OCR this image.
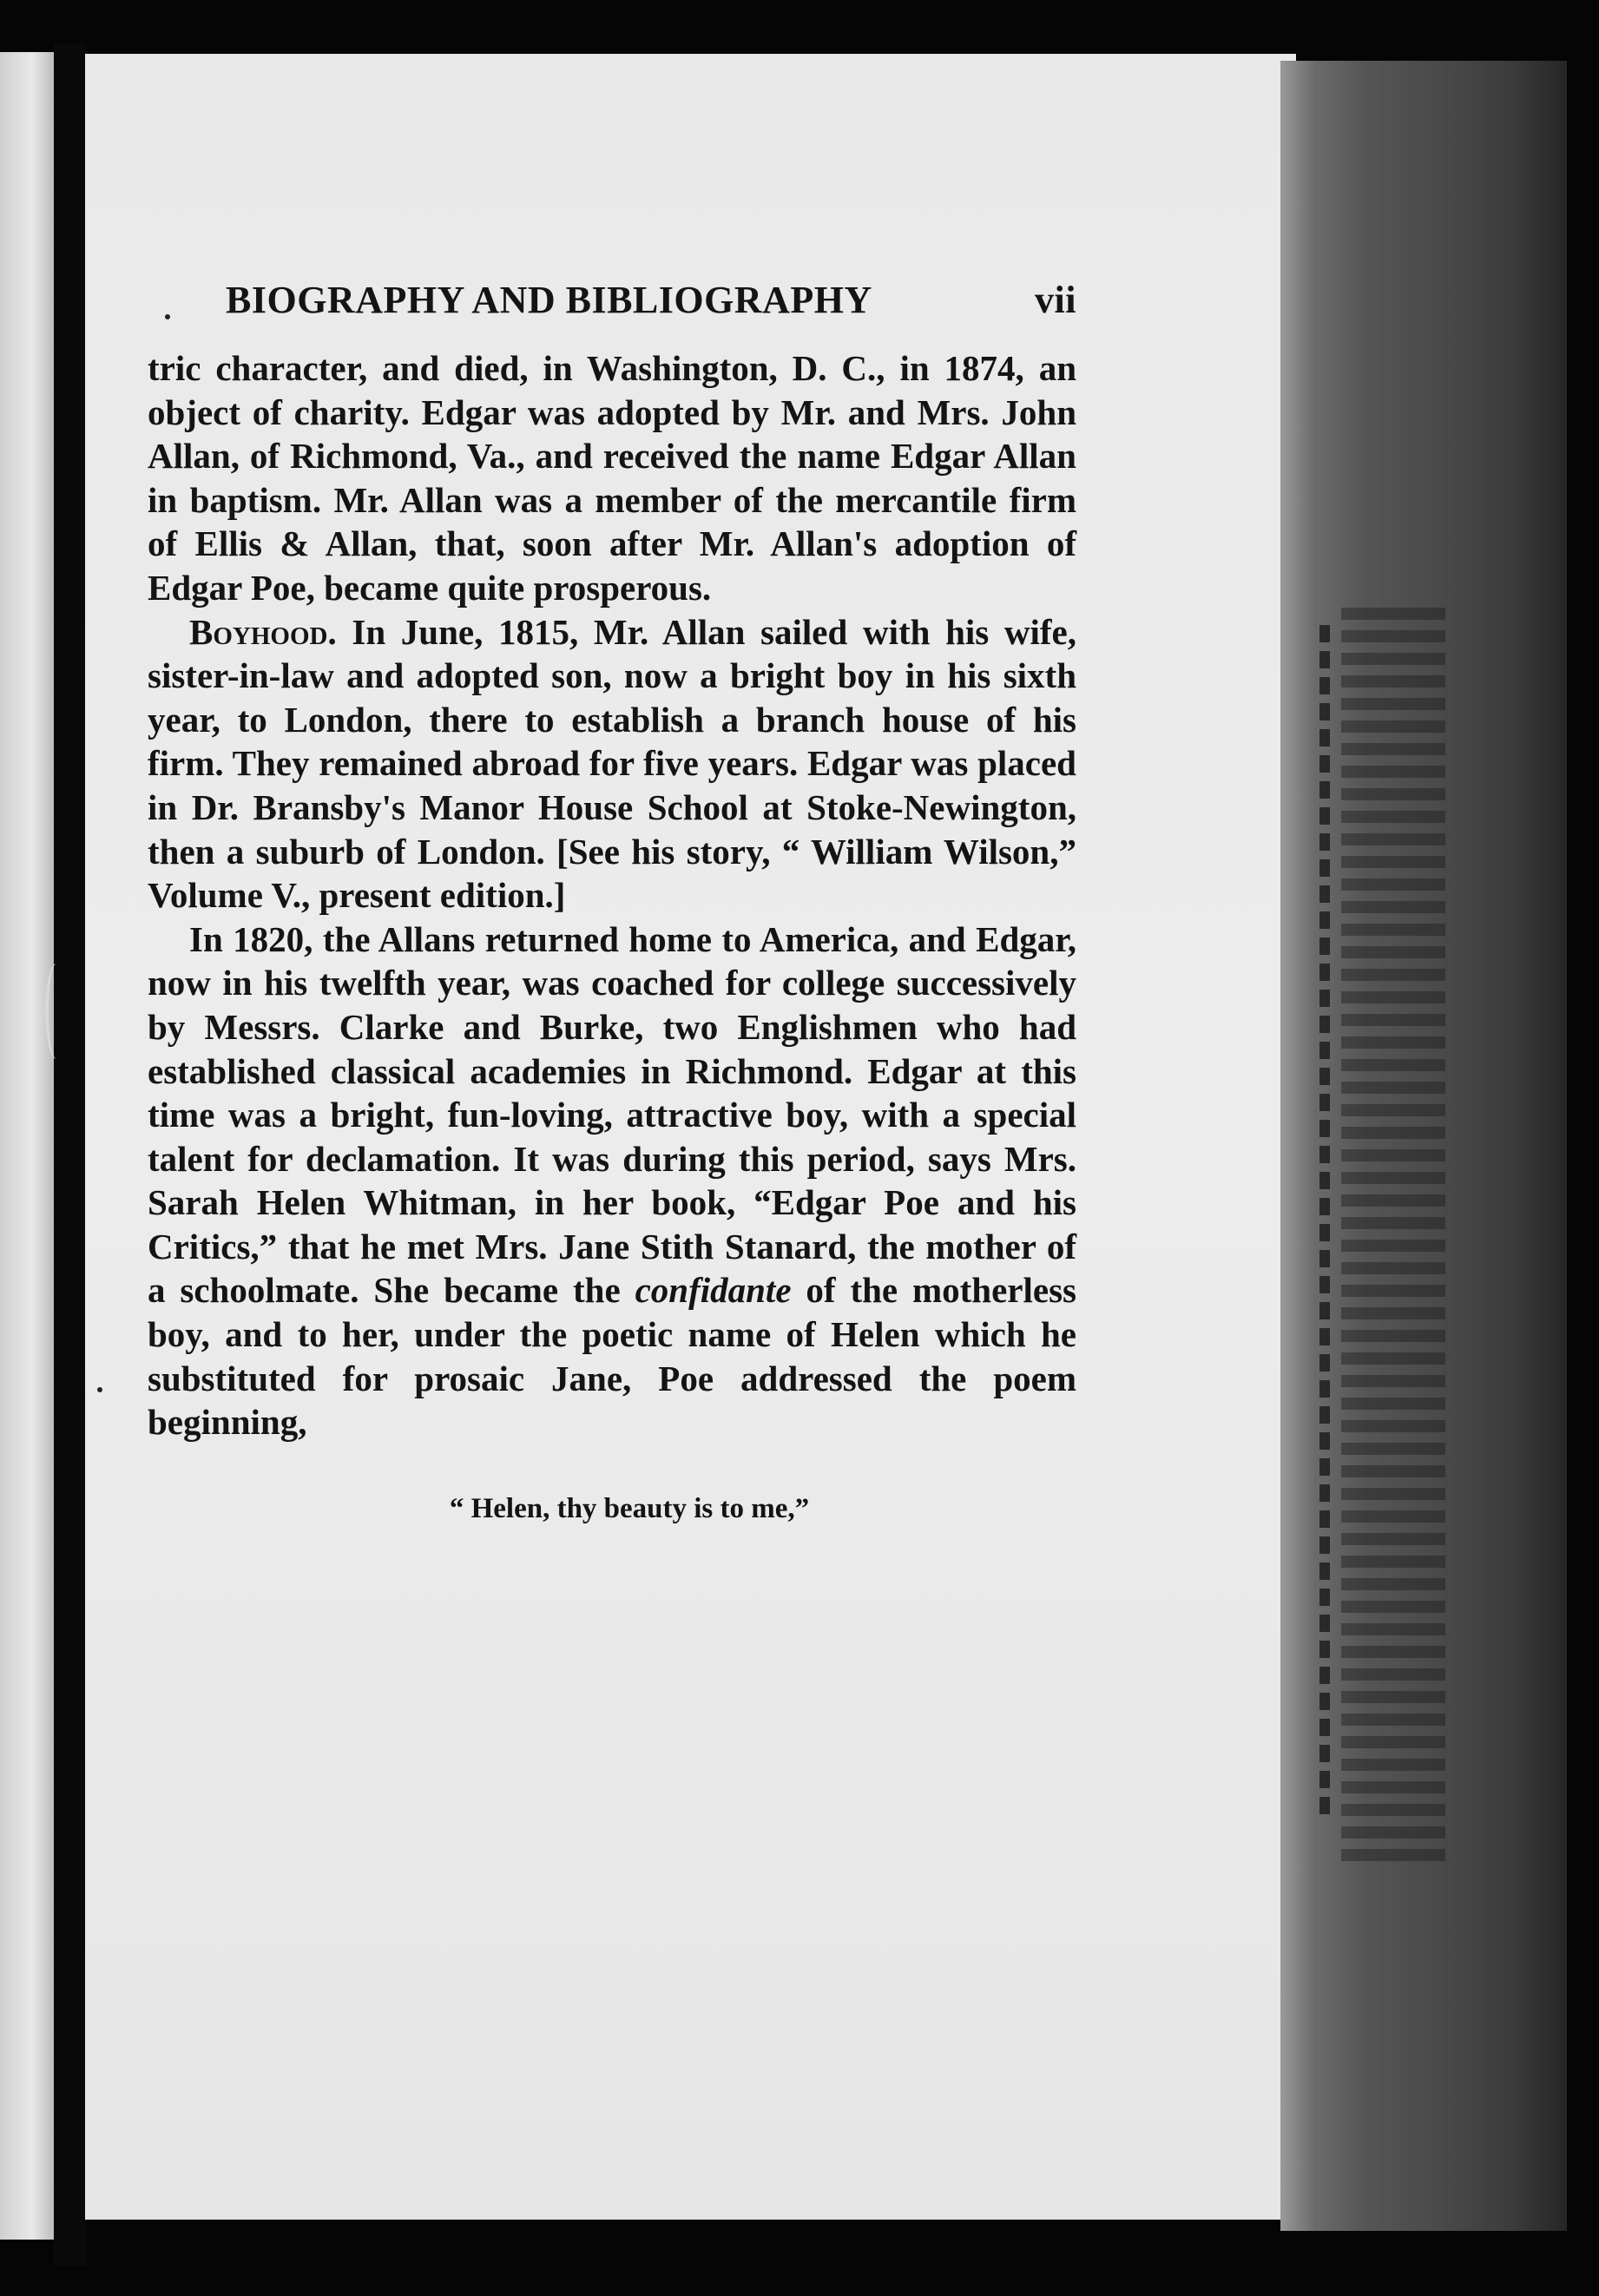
BIOGRAPHY AND BIBLIOGRAPHY	vii

tric character, and died, in Washington, D. C., in 1874, an object of charity. Edgar was adopted by Mr. and Mrs. John Allan, of Richmond, Va., and received the name Edgar Allan in baptism. Mr. Allan was a member of the mercantile firm of Ellis & Allan, that, soon after Mr. Allan's adoption of Edgar Poe, became quite prosperous.

Boyhood. In June, 1815, Mr. Allan sailed with his wife, sister-in-law and adopted son, now a bright boy in his sixth year, to London, there to establish a branch house of his firm. They remained abroad for five years. Edgar was placed in Dr. Bransby's Manor House School at Stoke-Newington, then a suburb of London. [See his story, “ William Wilson,” Volume V., present edition.]

In 1820, the Allans returned home to America, and Edgar, now in his twelfth year, was coached for college successively by Messrs. Clarke and Burke, two Englishmen who had established classical academies in Richmond. Edgar at this time was a bright, fun-loving, attractive boy, with a special talent for declamation. It was during this period, says Mrs. Sarah Helen Whitman, in her book, “Edgar Poe and his Critics,” that he met Mrs. Jane Stith Stanard, the mother of a schoolmate. She became the confidante of the motherless boy, and to her, under the poetic name of Helen which he substituted for prosaic Jane, Poe addressed the poem beginning,

“ Helen, thy beauty is to me,”
